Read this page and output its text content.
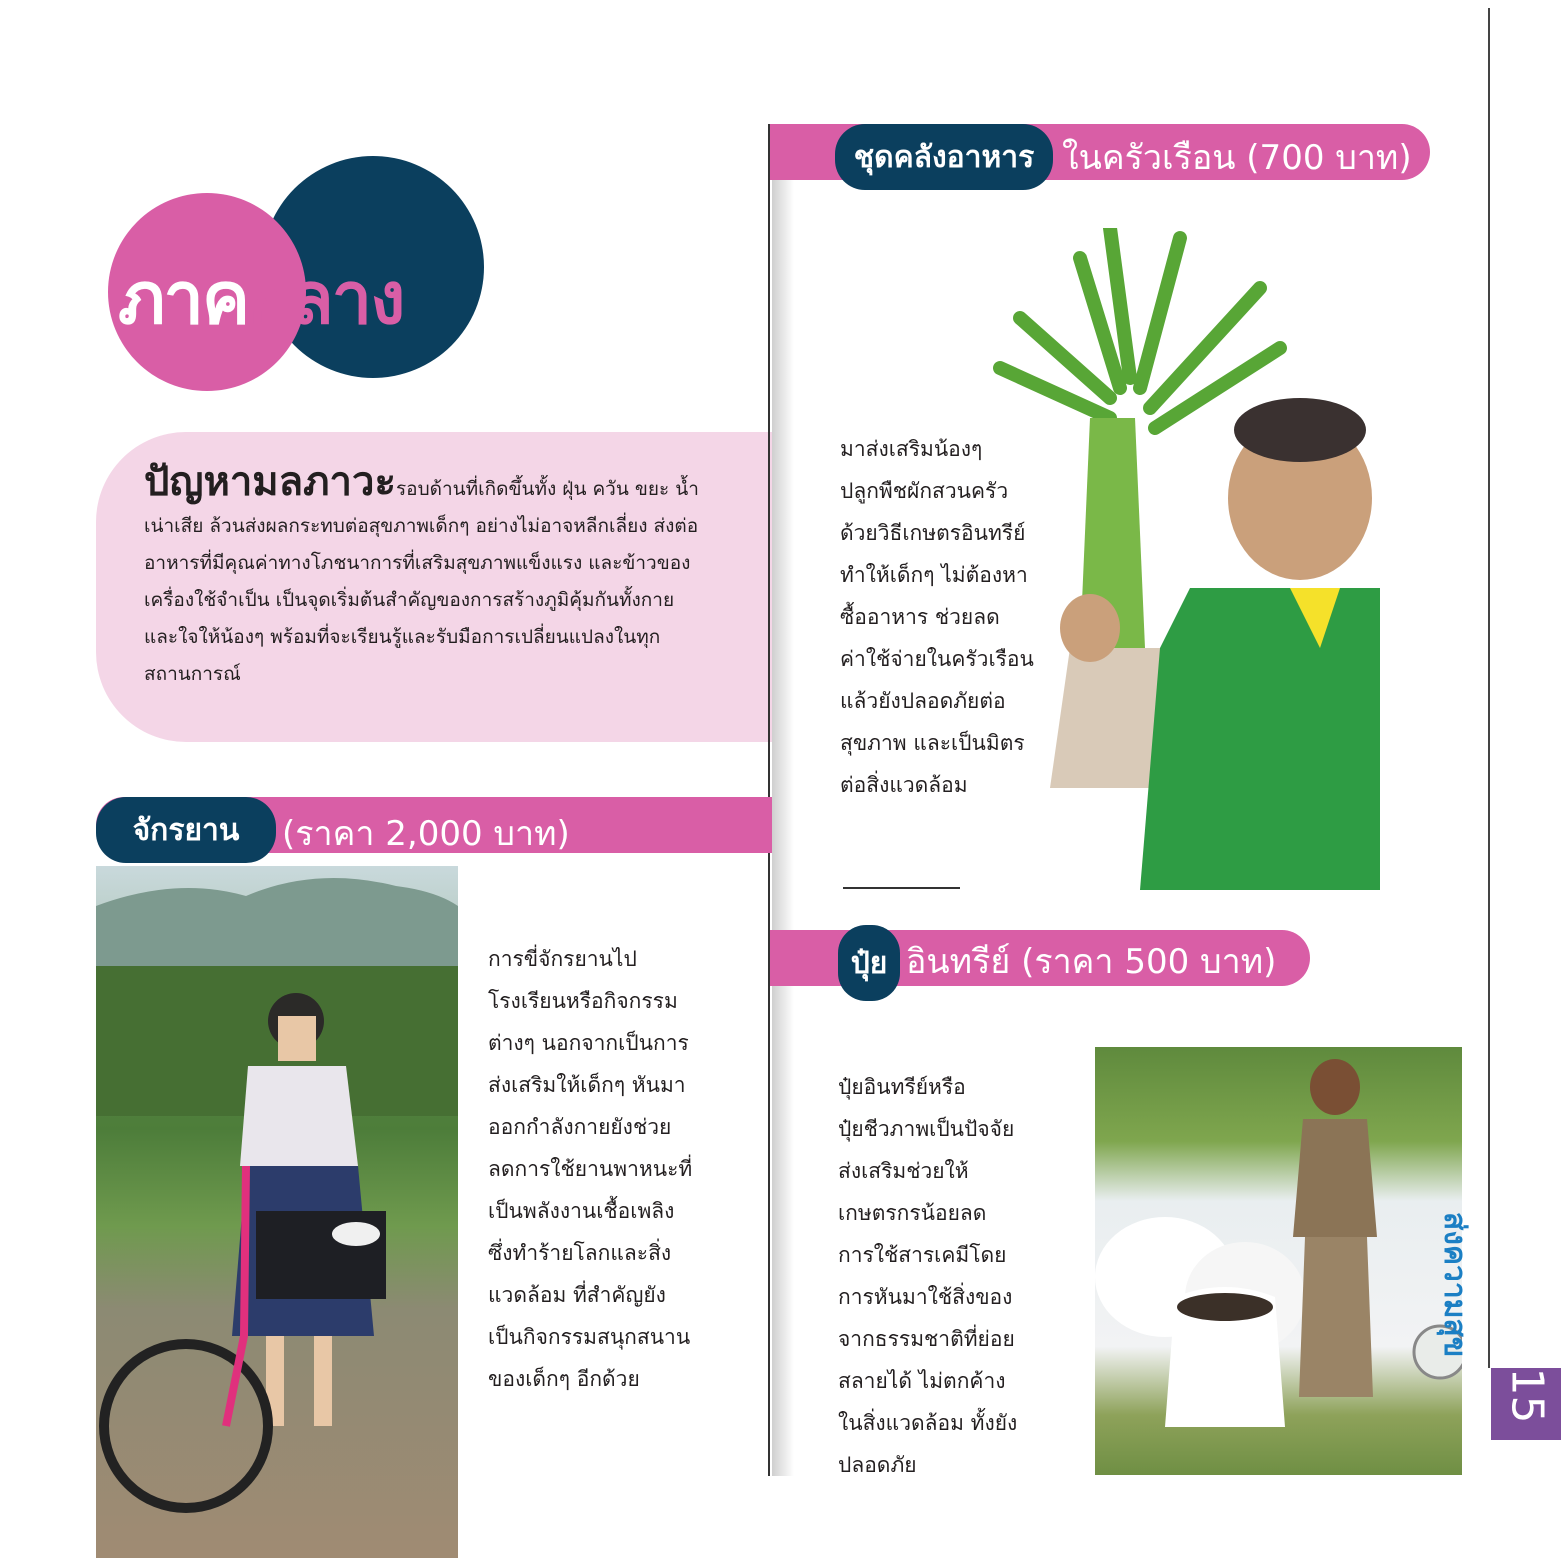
ภาคกลาง
ปัญหามลภาวะรอบด้านที่เกิดขึ้นทั้ง ฝุ่น ควัน ขยะ น้ำเน่าเสีย ล้วนส่งผลกระทบต่อสุขภาพเด็กๆ อย่างไม่อาจหลีกเลี่ยง ส่งต่ออาหารที่มีคุณค่าทางโภชนาการที่เสริมสุขภาพแข็งแรง และข้าวของเครื่องใช้จำเป็น เป็นจุดเริ่มต้นสำคัญของการสร้างภูมิคุ้มกันทั้งกายและใจให้น้องๆ พร้อมที่จะเรียนรู้และรับมือการเปลี่ยนแปลงในทุกสถานการณ์
จักรยาน	(ราคา 2,000 บาท)
การขี่จักรยานไป
โรงเรียนหรือกิจกรรม
ต่างๆ นอกจากเป็นการ
ส่งเสริมให้เด็กๆ หันมา
ออกกำลังกายยังช่วย
ลดการใช้ยานพาหนะที่
เป็นพลังงานเชื้อเพลิง
ซึ่งทำร้ายโลกและสิ่ง
แวดล้อม ที่สำคัญยัง
เป็นกิจกรรมสนุกสนาน
ของเด็กๆ อีกด้วย
ชุดคลังอาหาร ในครัวเรือน (700 บาท)
มาส่งเสริมน้องๆ
ปลูกพืชผักสวนครัว
ด้วยวิธีเกษตรอินทรีย์
ทำให้เด็กๆ ไม่ต้องหา
ซื้ออาหาร ช่วยลด
ค่าใช้จ่ายในครัวเรือน
แล้วยังปลอดภัยต่อ
สุขภาพ และเป็นมิตร
ต่อสิ่งแวดล้อม
ปุ๋ย อินทรีย์ (ราคา 500 บาท)
ปุ๋ยอินทรีย์หรือ
ปุ๋ยชีวภาพเป็นปัจจัย
ส่งเสริมช่วยให้
เกษตรกรน้อยลด
การใช้สารเคมีโดย
การหันมาใช้สิ่งของ
จากธรรมชาติที่ย่อย
สลายได้ ไม่ตกค้าง
ในสิ่งแวดล้อม ทั้งยัง
ปลอดภัย
ส่งความสุข
15
